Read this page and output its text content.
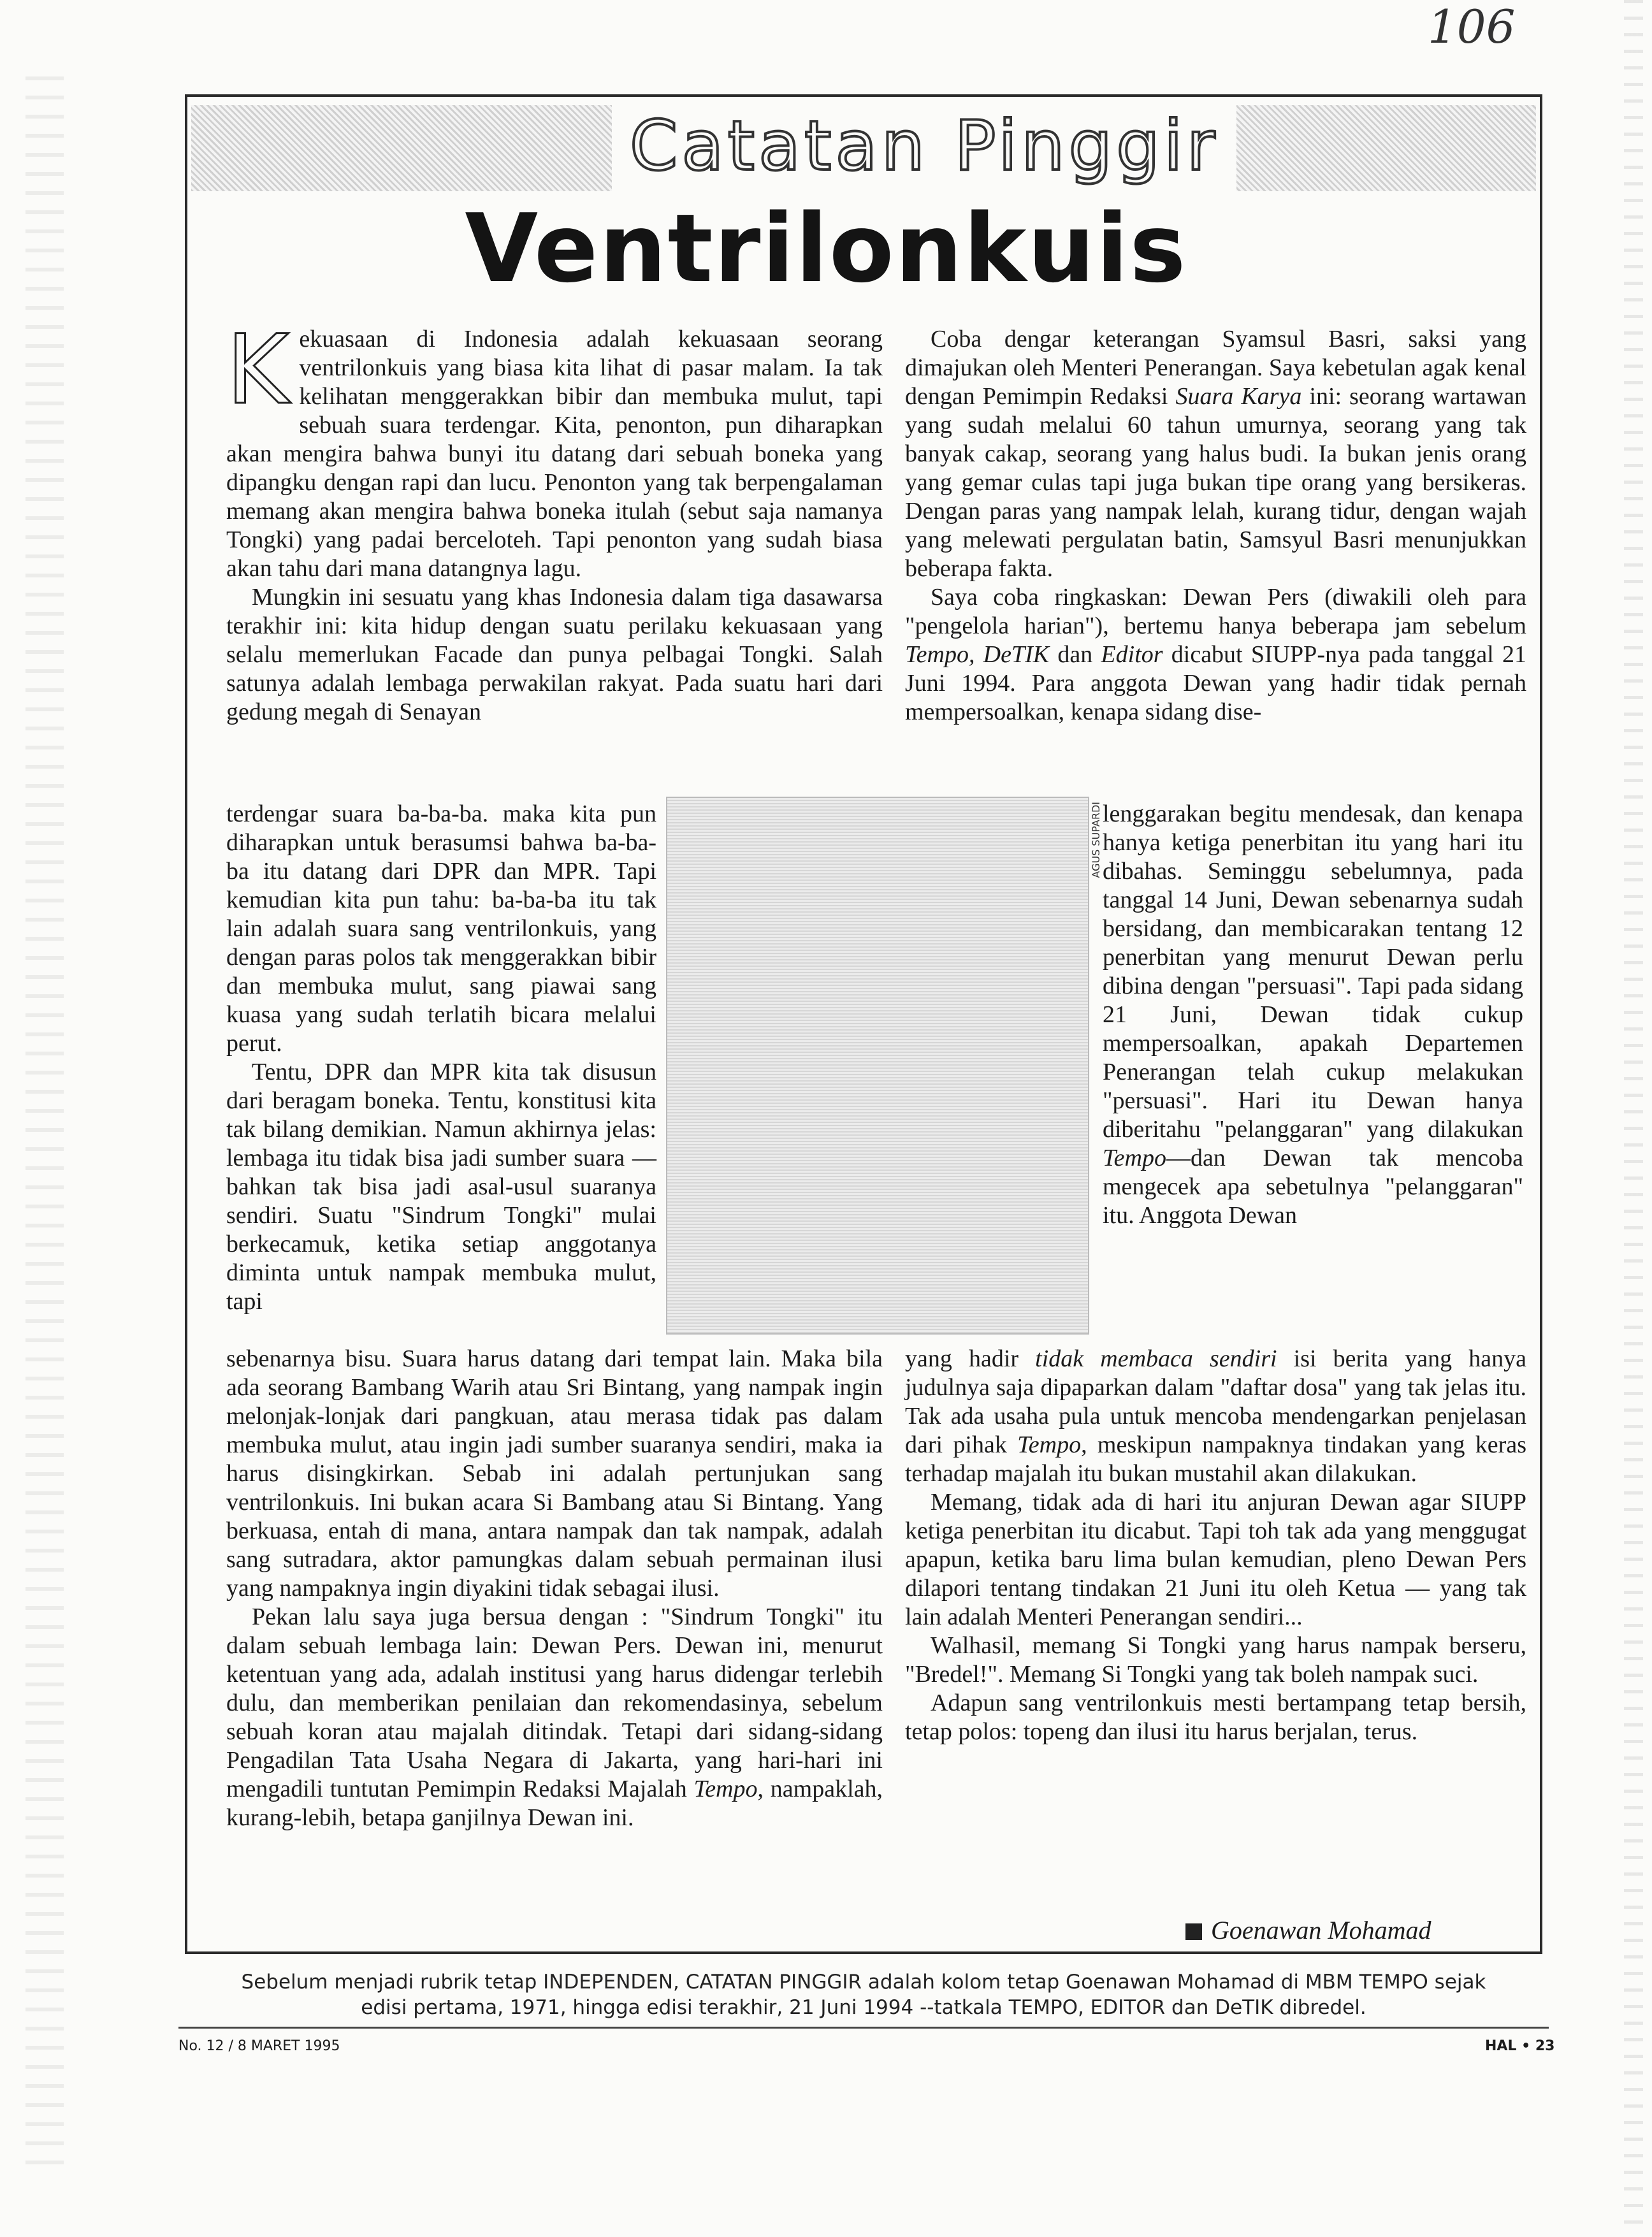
106
Catatan Pinggir
Ventrilonkuis

Kekuasaan di Indonesia adalah kekuasaan seorang ventrilonkuis yang biasa kita lihat di pasar malam. Ia tak kelihatan menggerakkan bibir dan membuka mulut, tapi sebuah suara terdengar. Kita, penonton, pun diharapkan akan mengira bahwa bunyi itu datang dari sebuah boneka yang dipangku dengan rapi dan lucu. Penonton yang tak berpengalaman memang akan mengira bahwa boneka itulah (sebut saja namanya Tongki) yang padai berceloteh. Tapi penonton yang sudah biasa akan tahu dari mana datangnya lagu.

Mungkin ini sesuatu yang khas Indonesia dalam tiga dasawarsa terakhir ini: kita hidup dengan suatu perilaku kekuasaan yang selalu memerlukan Facade dan punya pelbagai Tongki. Salah satunya adalah lembaga perwakilan rakyat. Pada suatu hari dari gedung megah di Senayan

terdengar suara ba-ba-ba. maka kita pun diharapkan untuk berasumsi bahwa ba-ba-ba itu datang dari DPR dan MPR. Tapi kemudian kita pun tahu: ba-ba-ba itu tak lain adalah suara sang ventrilonkuis, yang dengan paras polos tak menggerakkan bibir dan membuka mulut, sang piawai sang kuasa yang sudah terlatih bicara melalui perut.

Tentu, DPR dan MPR kita tak disusun dari beragam boneka. Tentu, konstitusi kita tak bilang demikian. Namun akhirnya jelas: lembaga itu tidak bisa jadi sumber suara — bahkan tak bisa jadi asal-usul suaranya sendiri. Suatu "Sindrum Tongki" mulai berkecamuk, ketika setiap anggotanya diminta untuk nampak membuka mulut, tapi

AGUS SUPARDI

sebenarnya bisu. Suara harus datang dari tempat lain. Maka bila ada seorang Bambang Warih atau Sri Bintang, yang nampak ingin melonjak-lonjak dari pangkuan, atau merasa tidak pas dalam membuka mulut, atau ingin jadi sumber suaranya sendiri, maka ia harus disingkirkan. Sebab ini adalah pertunjukan sang ventrilonkuis. Ini bukan acara Si Bambang atau Si Bintang. Yang berkuasa, entah di mana, antara nampak dan tak nampak, adalah sang sutradara, aktor pamungkas dalam sebuah permainan ilusi yang nampaknya ingin diyakini tidak sebagai ilusi.

Pekan lalu saya juga bersua dengan : "Sindrum Tongki" itu dalam sebuah lembaga lain: Dewan Pers. Dewan ini, menurut ketentuan yang ada, adalah institusi yang harus didengar terlebih dulu, dan memberikan penilaian dan rekomendasinya, sebelum sebuah koran atau majalah ditindak. Tetapi dari sidang-sidang Pengadilan Tata Usaha Negara di Jakarta, yang hari-hari ini mengadili tuntutan Pemimpin Redaksi Majalah Tempo, nampaklah, kurang-lebih, betapa ganjilnya Dewan ini.

Coba dengar keterangan Syamsul Basri, saksi yang dimajukan oleh Menteri Penerangan. Saya kebetulan agak kenal dengan Pemimpin Redaksi Suara Karya ini: seorang wartawan yang sudah melalui 60 tahun umurnya, seorang yang tak banyak cakap, seorang yang halus budi. Ia bukan jenis orang yang gemar culas tapi juga bukan tipe orang yang bersikeras. Dengan paras yang nampak lelah, kurang tidur, dengan wajah yang melewati pergulatan batin, Samsyul Basri menunjukkan beberapa fakta.

Saya coba ringkaskan: Dewan Pers (diwakili oleh para "pengelola harian"), bertemu hanya beberapa jam sebelum Tempo, DeTIK dan Editor dicabut SIUPP-nya pada tanggal 21 Juni 1994. Para anggota Dewan yang hadir tidak pernah mempersoalkan, kenapa sidang dise-

lenggarakan begitu mendesak, dan kenapa hanya ketiga penerbitan itu yang hari itu dibahas. Seminggu sebelumnya, pada tanggal 14 Juni, Dewan sebenarnya sudah bersidang, dan membicarakan tentang 12 penerbitan yang menurut Dewan perlu dibina dengan "persuasi". Tapi pada sidang 21 Juni, Dewan tidak cukup mempersoalkan, apakah Departemen Penerangan telah cukup melakukan "persuasi". Hari itu Dewan hanya diberitahu "pelanggaran" yang dilakukan Tempo—dan Dewan tak mencoba mengecek apa sebetulnya "pelanggaran" itu. Anggota Dewan

yang hadir tidak membaca sendiri isi berita yang hanya judulnya saja dipaparkan dalam "daftar dosa" yang tak jelas itu. Tak ada usaha pula untuk mencoba mendengarkan penjelasan dari pihak Tempo, meskipun nampaknya tindakan yang keras terhadap majalah itu bukan mustahil akan dilakukan.

Memang, tidak ada di hari itu anjuran Dewan agar SIUPP ketiga penerbitan itu dicabut. Tapi toh tak ada yang menggugat apapun, ketika baru lima bulan kemudian, pleno Dewan Pers dilapori tentang tindakan 21 Juni itu oleh Ketua — yang tak lain adalah Menteri Penerangan sendiri...

Walhasil, memang Si Tongki yang harus nampak berseru, "Bredel!". Memang Si Tongki yang tak boleh nampak suci.

Adapun sang ventrilonkuis mesti bertampang tetap bersih, tetap polos: topeng dan ilusi itu harus berjalan, terus.

Goenawan Mohamad
Sebelum menjadi rubrik tetap INDEPENDEN, CATATAN PINGGIR adalah kolom tetap Goenawan Mohamad di MBM TEMPO sejak
edisi pertama, 1971, hingga edisi terakhir, 21 Juni 1994 --tatkala TEMPO, EDITOR dan DeTIK dibredel.
No. 12 / 8 MARET 1995	HAL • 23
